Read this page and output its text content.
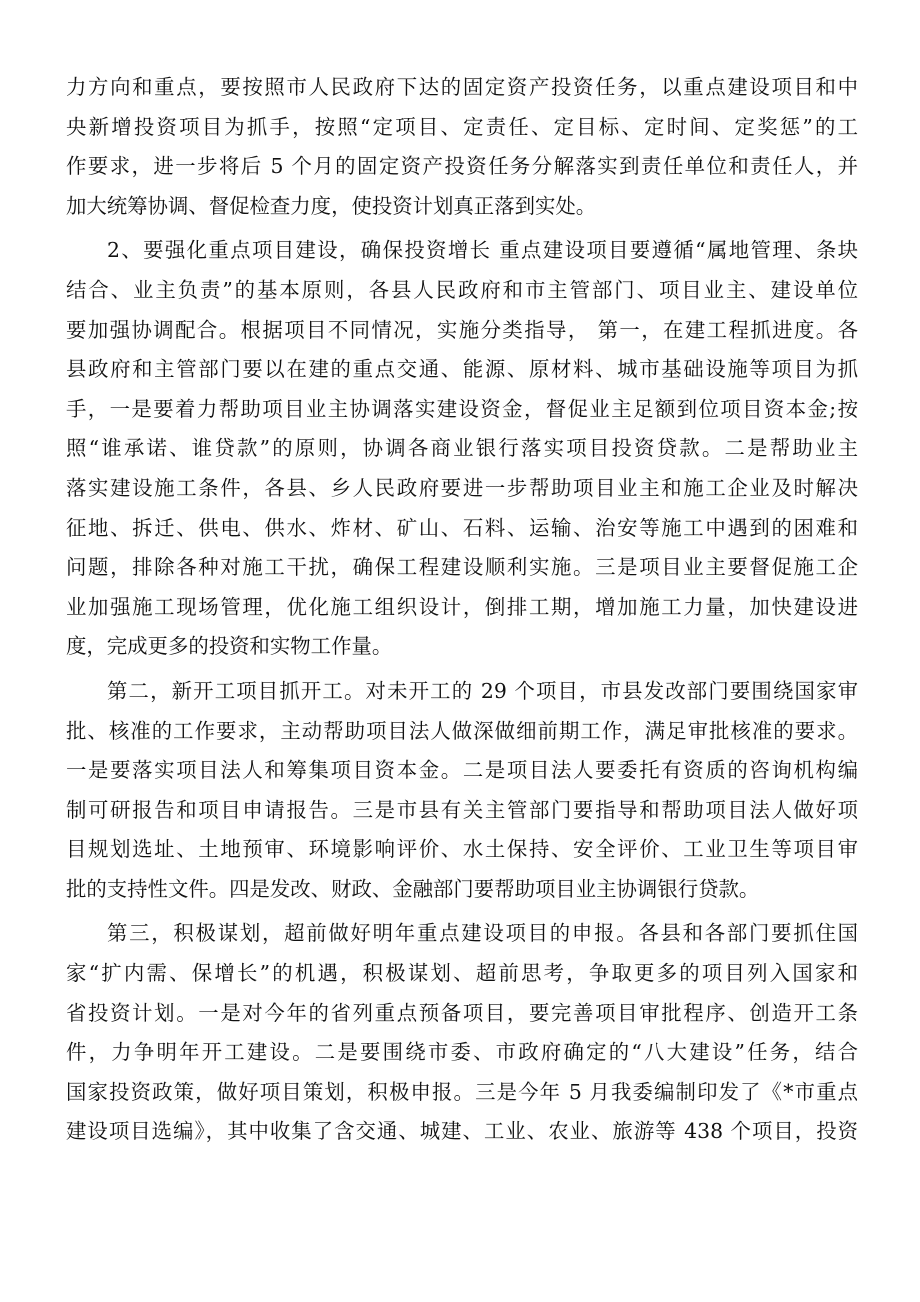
力方向和重点，要按照市人民政府下达的固定资产投资任务，以重点建设项目和中
央新增投资项目为抓手，按照“定项目、定责任、定目标、定时间、定奖惩”的工
作要求，进一步将后 5 个月的固定资产投资任务分解落实到责任单位和责任人，并
加大统筹协调、督促检查力度，使投资计划真正落到实处。
2、要强化重点项目建设，确保投资增长 重点建设项目要遵循“属地管理、条块
结合、业主负责”的基本原则，各县人民政府和市主管部门、项目业主、建设单位
要加强协调配合。根据项目不同情况，实施分类指导， 第一，在建工程抓进度。各
县政府和主管部门要以在建的重点交通、能源、原材料、城市基础设施等项目为抓
手，一是要着力帮助项目业主协调落实建设资金，督促业主足额到位项目资本金;按
照“谁承诺、谁贷款”的原则，协调各商业银行落实项目投资贷款。二是帮助业主
落实建设施工条件，各县、乡人民政府要进一步帮助项目业主和施工企业及时解决
征地、拆迁、供电、供水、炸材、矿山、石料、运输、治安等施工中遇到的困难和
问题，排除各种对施工干扰，确保工程建设顺利实施。三是项目业主要督促施工企
业加强施工现场管理，优化施工组织设计，倒排工期，增加施工力量，加快建设进
度，完成更多的投资和实物工作量。
第二，新开工项目抓开工。对未开工的 29 个项目，市县发改部门要围绕国家审
批、核准的工作要求，主动帮助项目法人做深做细前期工作，满足审批核准的要求。
一是要落实项目法人和筹集项目资本金。二是项目法人要委托有资质的咨询机构编
制可研报告和项目申请报告。三是市县有关主管部门要指导和帮助项目法人做好项
目规划选址、土地预审、环境影响评价、水土保持、安全评价、工业卫生等项目审
批的支持性文件。四是发改、财政、金融部门要帮助项目业主协调银行贷款。
第三，积极谋划，超前做好明年重点建设项目的申报。各县和各部门要抓住国
家“扩内需、保增长”的机遇，积极谋划、超前思考，争取更多的项目列入国家和
省投资计划。一是对今年的省列重点预备项目，要完善项目审批程序、创造开工条
件，力争明年开工建设。二是要围绕市委、市政府确定的“八大建设”任务，结合
国家投资政策，做好项目策划，积极申报。三是今年 5 月我委编制印发了《*市重点
建设项目选编》，其中收集了含交通、城建、工业、农业、旅游等 438 个项目，投资
